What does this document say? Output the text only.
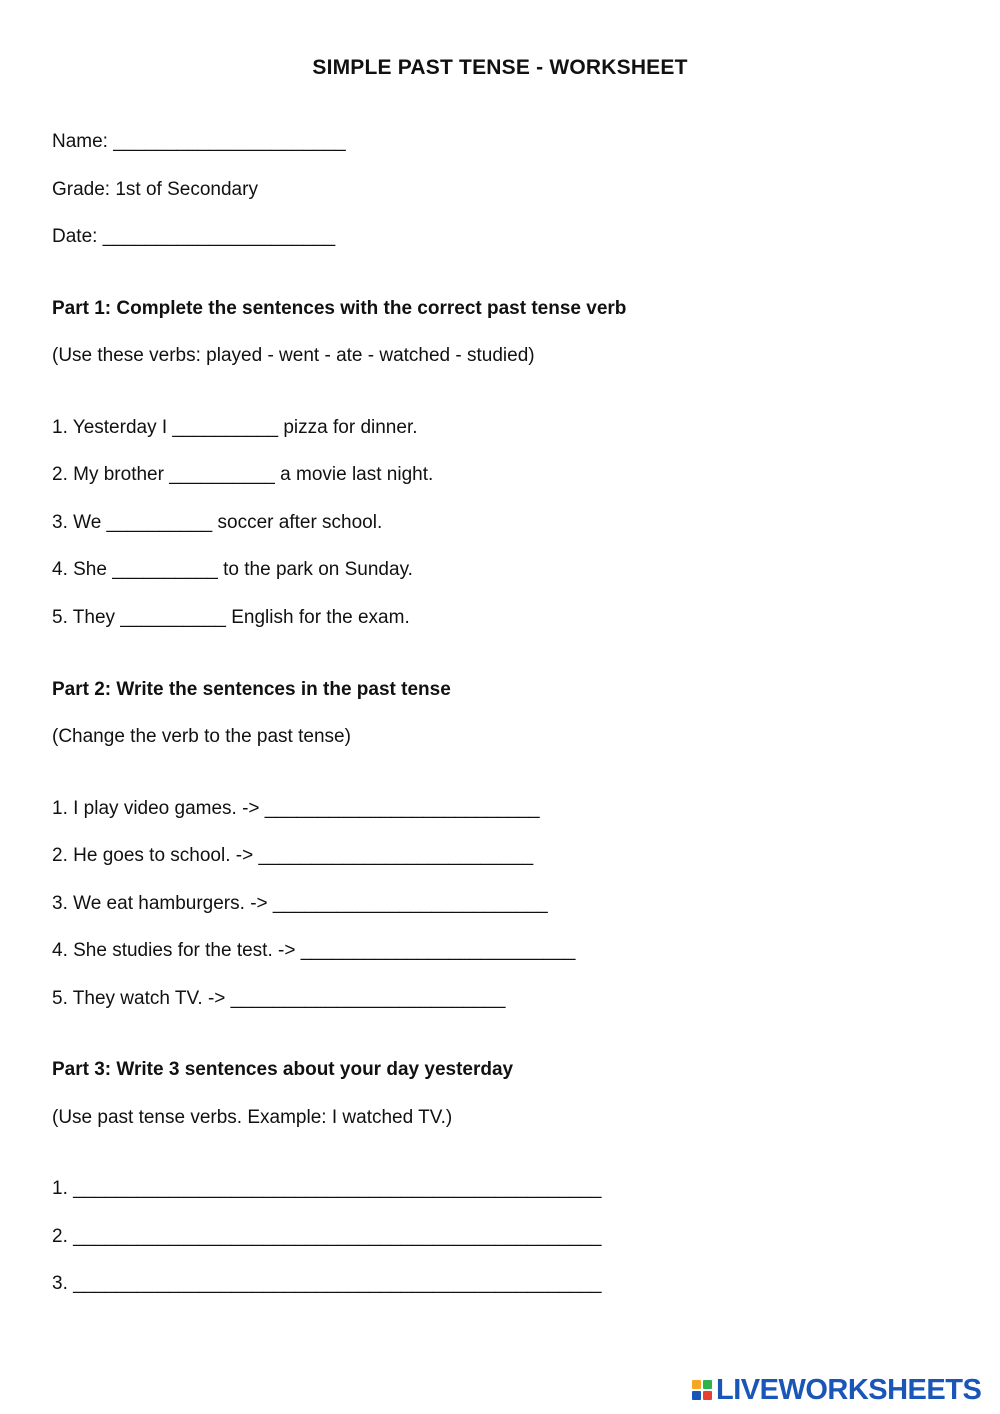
SIMPLE PAST TENSE - WORKSHEET
Name: ______________________
Grade: 1st of Secondary
Date: ______________________
Part 1: Complete the sentences with the correct past tense verb
(Use these verbs: played - went - ate - watched - studied)
1. Yesterday I __________ pizza for dinner.
2. My brother __________ a movie last night.
3. We __________ soccer after school.
4. She __________ to the park on Sunday.
5. They __________ English for the exam.
Part 2: Write the sentences in the past tense
(Change the verb to the past tense)
1. I play video games. -> __________________________
2. He goes to school. -> __________________________
3. We eat hamburgers. -> __________________________
4. She studies for the test. -> __________________________
5. They watch TV. -> __________________________
Part 3: Write 3 sentences about your day yesterday
(Use past tense verbs. Example: I watched TV.)
1. __________________________________________________
2. __________________________________________________
3. __________________________________________________
LIVEWORKSHEETS
